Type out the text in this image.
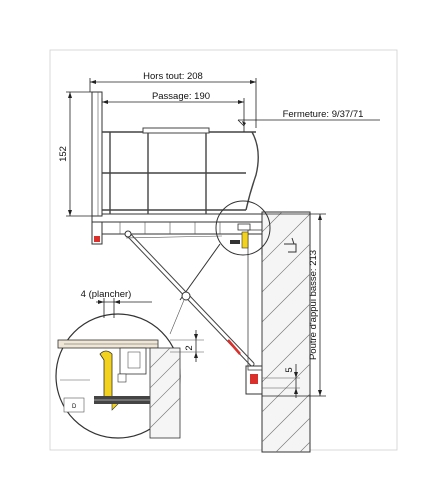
D
Hors tout: 208
Passage: 190
Fermeture: 9/37/71
152
Poutre d'appui basse: 213
5
2
4 (plancher)
